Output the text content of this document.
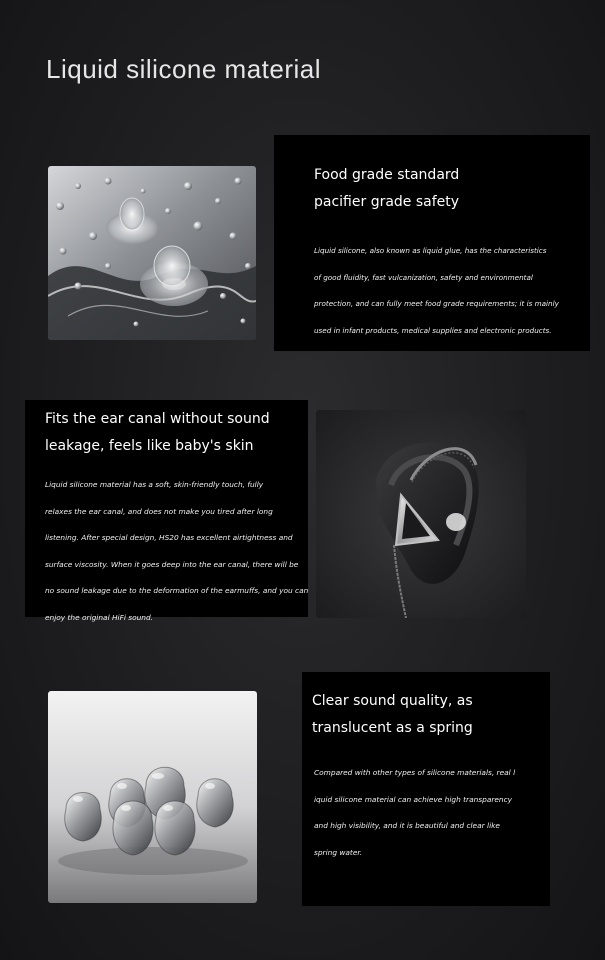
Liquid silicone material

Food grade standard
pacifier grade safety

Liquid silicone, also known as liquid glue, has the characteristics
of good fluidity, fast vulcanization, safety and environmental
protection, and can fully meet food grade requirements; it is mainly
used in infant products, medical supplies and electronic products.

Fits the ear canal without sound
leakage, feels like baby's skin

Liquid silicone material has a soft, skin-friendly touch, fully
relaxes the ear canal, and does not make you tired after long
listening. After special design, HS20 has excellent airtightness and
surface viscosity. When it goes deep into the ear canal, there will be
no sound leakage due to the deformation of the earmuffs, and you can
enjoy the original HiFi sound.

Clear sound quality, as
translucent as a spring

Compared with other types of silicone materials, real l
iquid silicone material can achieve high transparency
and high visibility, and it is beautiful and clear like
spring water.
